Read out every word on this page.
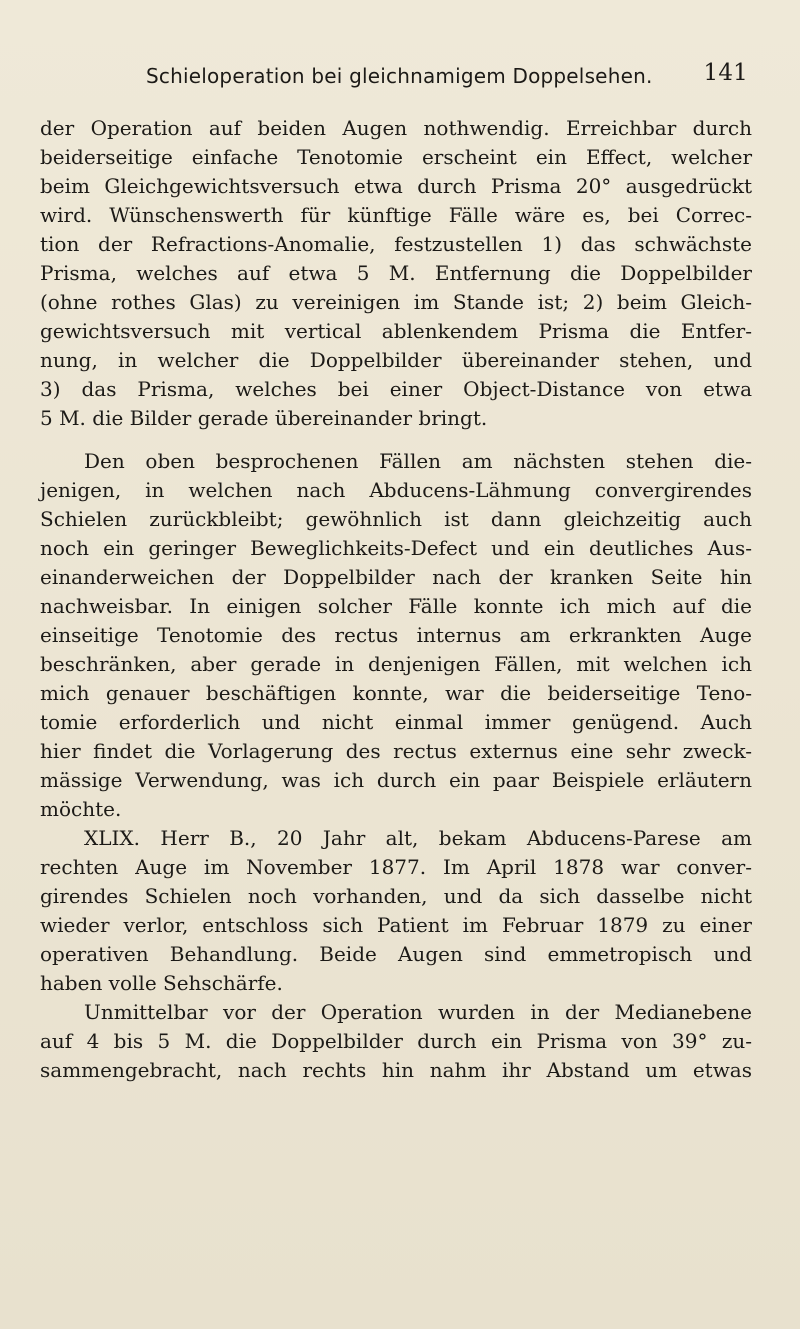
Schieloperation bei gleichnamigem Doppelsehen. 141
der Operation auf beiden Augen nothwendig. Erreichbar durch
beiderseitige einfache Tenotomie erscheint ein Effect, welcher
beim Gleichgewichtsversuch etwa durch Prisma 20° ausgedrückt
wird. Wünschenswerth für künftige Fälle wäre es, bei Correc-
tion der Refractions-Anomalie, festzustellen 1) das schwächste
Prisma, welches auf etwa 5 M. Entfernung die Doppelbilder
(ohne rothes Glas) zu vereinigen im Stande ist; 2) beim Gleich-
gewichtsversuch mit vertical ablenkendem Prisma die Entfer-
nung, in welcher die Doppelbilder übereinander stehen, und
3) das Prisma, welches bei einer Object-Distance von etwa
5 M. die Bilder gerade übereinander bringt.
Den oben besprochenen Fällen am nächsten stehen die-
jenigen, in welchen nach Abducens-Lähmung convergirendes
Schielen zurückbleibt; gewöhnlich ist dann gleichzeitig auch
noch ein geringer Beweglichkeits-Defect und ein deutliches Aus-
einanderweichen der Doppelbilder nach der kranken Seite hin
nachweisbar. In einigen solcher Fälle konnte ich mich auf die
einseitige Tenotomie des rectus internus am erkrankten Auge
beschränken, aber gerade in denjenigen Fällen, mit welchen ich
mich genauer beschäftigen konnte, war die beiderseitige Teno-
tomie erforderlich und nicht einmal immer genügend. Auch
hier findet die Vorlagerung des rectus externus eine sehr zweck-
mässige Verwendung, was ich durch ein paar Beispiele erläutern
möchte.
XLIX. Herr B., 20 Jahr alt, bekam Abducens-Parese am
rechten Auge im November 1877. Im April 1878 war conver-
girendes Schielen noch vorhanden, und da sich dasselbe nicht
wieder verlor, entschloss sich Patient im Februar 1879 zu einer
operativen Behandlung. Beide Augen sind emmetropisch und
haben volle Sehschärfe.
Unmittelbar vor der Operation wurden in der Medianebene
auf 4 bis 5 M. die Doppelbilder durch ein Prisma von 39° zu-
sammengebracht, nach rechts hin nahm ihr Abstand um etwas
